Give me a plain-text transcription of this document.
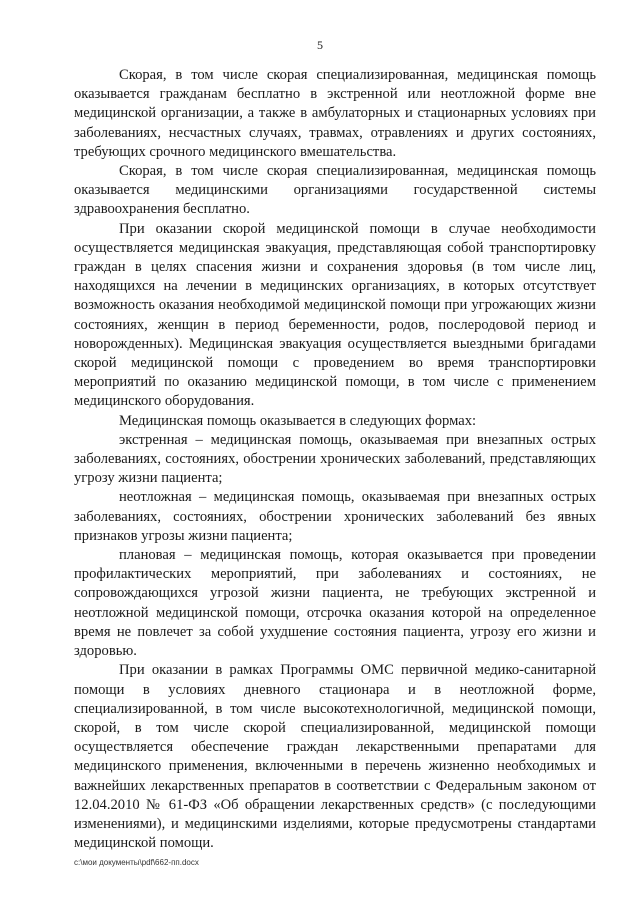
5

Скорая, в том числе скорая специализированная, медицинская помощь оказывается гражданам бесплатно в экстренной или неотложной форме вне медицинской организации, а также в амбулаторных и стационарных условиях при заболеваниях, несчастных случаях, травмах, отравлениях и других состояниях, требующих срочного медицинского вмешательства.

Скорая, в том числе скорая специализированная, медицинская помощь оказывается медицинскими организациями государственной системы здравоохранения бесплатно.

При оказании скорой медицинской помощи в случае необходимости осуществляется медицинская эвакуация, представляющая собой транспортировку граждан в целях спасения жизни и сохранения здоровья (в том числе лиц, находящихся на лечении в медицинских организациях, в которых отсутствует возможность оказания необходимой медицинской помощи при угрожающих жизни состояниях, женщин в период беременности, родов, послеродовой период и новорожденных). Медицинская эвакуация осуществляется выездными бригадами скорой медицинской помощи с проведением во время транспортировки мероприятий по оказанию медицинской помощи, в том числе с применением медицинского оборудования.

Медицинская помощь оказывается в следующих формах:

экстренная – медицинская помощь, оказываемая при внезапных острых заболеваниях, состояниях, обострении хронических заболеваний, представляющих угрозу жизни пациента;

неотложная – медицинская помощь, оказываемая при внезапных острых заболеваниях, состояниях, обострении хронических заболеваний без явных признаков угрозы жизни пациента;

плановая – медицинская помощь, которая оказывается при проведении профилактических мероприятий, при заболеваниях и состояниях, не сопровождающихся угрозой жизни пациента, не требующих экстренной и неотложной медицинской помощи, отсрочка оказания которой на определенное время не повлечет за собой ухудшение состояния пациента, угрозу его жизни и здоровью.

При оказании в рамках Программы ОМС первичной медико-санитарной помощи в условиях дневного стационара и в неотложной форме, специализированной, в том числе высокотехнологичной, медицинской помощи, скорой, в том числе скорой специализированной, медицинской помощи осуществляется обеспечение граждан лекарственными препаратами для медицинского применения, включенными в перечень жизненно необходимых и важнейших лекарственных препаратов в соответствии с Федеральным законом от 12.04.2010 № 61-ФЗ «Об обращении лекарственных средств» (с последующими изменениями), и медицинскими изделиями, которые предусмотрены стандартами медицинской помощи.

c:\мои документы\pdf\662-пп.docx
